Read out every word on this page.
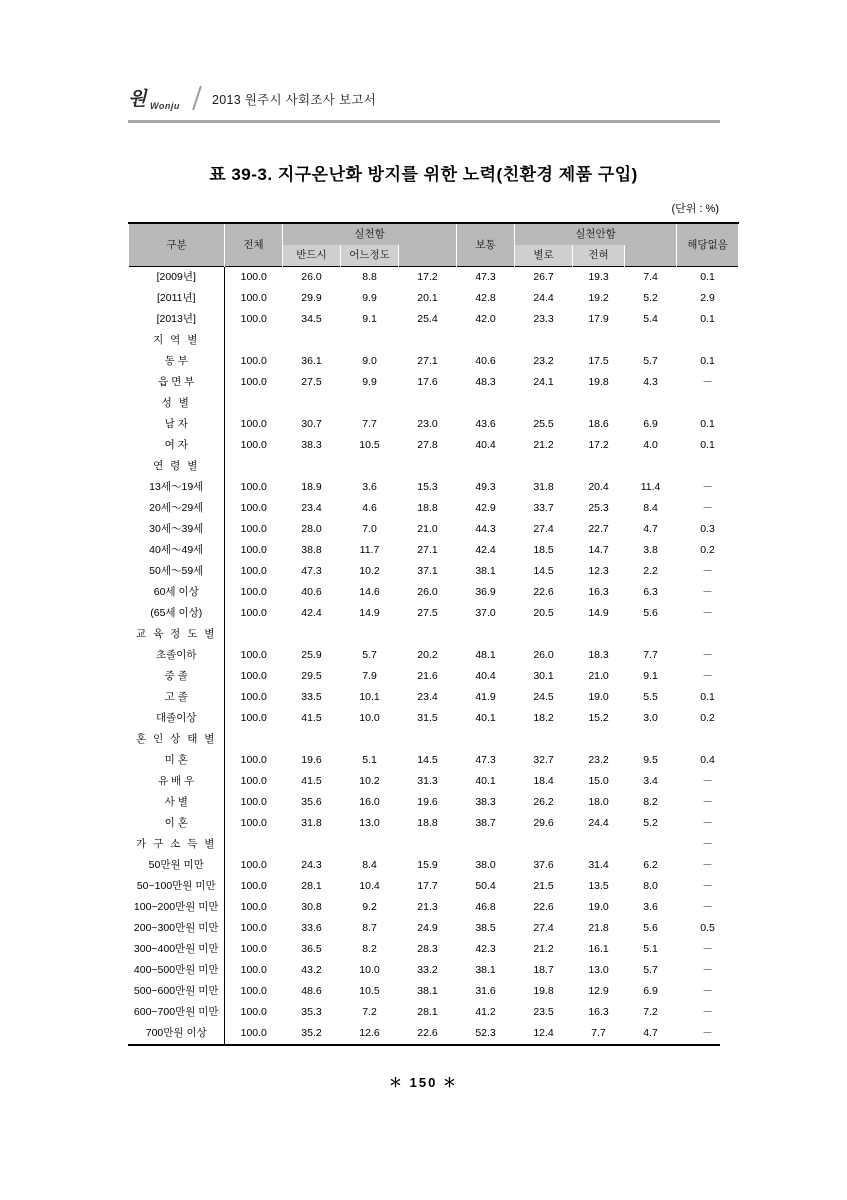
원 Wonju	2013 원주시 사회조사 보고서
표 39-3. 지구온난화 방지를 위한 노력(친환경 제품 구입)
(단위 : %)
구분	전체	실천함			보통	실천안함			해당없음
		반드시	어느정도			별로	전혀		
[2009년]	100.0	26.0	8.8	17.2	47.3	26.7	19.3	7.4	0.1
[2011년]	100.0	29.9	9.9	20.1	42.8	24.4	19.2	5.2	2.9
[2013년]	100.0	34.5	9.1	25.4	42.0	23.3	17.9	5.4	0.1
지 역 별									
동 부	100.0	36.1	9.0	27.1	40.6	23.2	17.5	5.7	0.1
읍 면 부	100.0	27.5	9.9	17.6	48.3	24.1	19.8	4.3	－
성 별									
남 자	100.0	30.7	7.7	23.0	43.6	25.5	18.6	6.9	0.1
여 자	100.0	38.3	10.5	27.8	40.4	21.2	17.2	4.0	0.1
연 령 별									
13세～19세	100.0	18.9	3.6	15.3	49.3	31.8	20.4	11.4	－
20세～29세	100.0	23.4	4.6	18.8	42.9	33.7	25.3	8.4	－
30세～39세	100.0	28.0	7.0	21.0	44.3	27.4	22.7	4.7	0.3
40세～49세	100.0	38.8	11.7	27.1	42.4	18.5	14.7	3.8	0.2
50세～59세	100.0	47.3	10.2	37.1	38.1	14.5	12.3	2.2	－
60세 이상	100.0	40.6	14.6	26.0	36.9	22.6	16.3	6.3	－
(65세 이상)	100.0	42.4	14.9	27.5	37.0	20.5	14.9	5.6	－
교 육 정 도 별									
초졸이하	100.0	25.9	5.7	20.2	48.1	26.0	18.3	7.7	－
중 졸	100.0	29.5	7.9	21.6	40.4	30.1	21.0	9.1	－
고 졸	100.0	33.5	10.1	23.4	41.9	24.5	19.0	5.5	0.1
대졸이상	100.0	41.5	10.0	31.5	40.1	18.2	15.2	3.0	0.2
혼 인 상 태 별									
미 혼	100.0	19.6	5.1	14.5	47.3	32.7	23.2	9.5	0.4
유 배 우	100.0	41.5	10.2	31.3	40.1	18.4	15.0	3.4	－
사 별	100.0	35.6	16.0	19.6	38.3	26.2	18.0	8.2	－
이 혼	100.0	31.8	13.0	18.8	38.7	29.6	24.4	5.2	－
가 구 소 득 별									－
50만원 미만	100.0	24.3	8.4	15.9	38.0	37.6	31.4	6.2	－
50~100만원 미만	100.0	28.1	10.4	17.7	50.4	21.5	13.5	8.0	－
100~200만원 미만	100.0	30.8	9.2	21.3	46.8	22.6	19.0	3.6	－
200~300만원 미만	100.0	33.6	8.7	24.9	38.5	27.4	21.8	5.6	0.5
300~400만원 미만	100.0	36.5	8.2	28.3	42.3	21.2	16.1	5.1	－
400~500만원 미만	100.0	43.2	10.0	33.2	38.1	18.7	13.0	5.7	－
500~600만원 미만	100.0	48.6	10.5	38.1	31.6	19.8	12.9	6.9	－
600~700만원 미만	100.0	35.3	7.2	28.1	41.2	23.5	16.3	7.2	－
700만원 이상	100.0	35.2	12.6	22.6	52.3	12.4	7.7	4.7	－
＊ 150 ＊
